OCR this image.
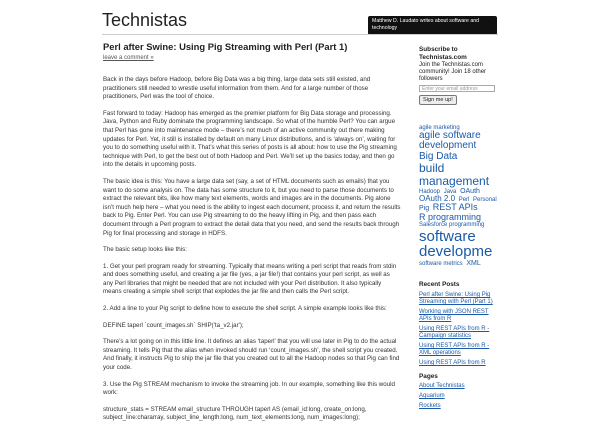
Technistas	Matthew D. Laudato writes about software and technology
Perl after Swine: Using Pig Streaming with Perl (Part 1)
leave a comment »

Back in the days before Hadoop, before Big Data was a big thing, large data sets still existed, and practitioners still needed to wrestle useful information from them. And for a large number of those practitioners, Perl was the tool of choice.

Fast forward to today: Hadoop has emerged as the premier platform for Big Data storage and processing. Java, Python and Ruby dominate the programming landscape. So what of the humble Perl? You can argue that Perl has gone into maintenance mode – there’s not much of an active community out there making updates for Perl. Yet, it still is installed by default on many Linux distributions, and is ‘always on’, waiting for you to do something useful with it. That’s what this series of posts is all about: how to use the Pig streaming technique with Perl, to get the best out of both Hadoop and Perl. We’ll set up the basics today, and then go into the details in upcoming posts.

The basic idea is this: You have a large data set (say, a set of HTML documents such as emails) that you want to do some analysis on. The data has some structure to it, but you need to parse those documents to extract the relevant bits, like how many text elements, words and images are in the documents. Pig alone isn’t much help here – what you need is the ability to ingest each document, process it, and return the results back to Pig. Enter Perl. You can use Pig streaming to do the heavy lifting in Pig, and then pass each document through a Perl program to extract the detail data that you need, and send the results back through Pig for final processing and storage in HDFS.

The basic setup looks like this:

1. Get your perl program ready for streaming. Typically that means writing a perl script that reads from stdin and does something useful, and creating a jar file (yes, a jar file!) that contains your perl script, as well as any Perl libraries that might be needed that are not included with your Perl distribution. It also typically means creating a simple shell script that explodes the jar file and then calls the Perl script.

2. Add a line to your Pig script to define how to execute the shell script. A simple example looks like this:

DEFINE taperl `count_images.sh` SHIP('ta_v2.jar');

There’s a lot going on in this little line. It defines an alias ‘taperl’ that you will use later in Pig to do the actual streaming. It tells Pig that the alias when invoked should run ‘count_images.sh’, the shell script you created. And finally, it instructs Pig to ship the jar file that you created out to all the Hadoop nodes so that Pig can find your code.

3. Use the Pig STREAM mechanism to invoke the streaming job. In our example, something like this would work:

structure_stats = STREAM email_structure THROUGH taperl AS (email_id:long, create_on:long, subject_line:chararray, subject_line_length:long, num_text_elements:long, num_images:long);

Subscribe to Technistas.com
Join the Technistas.com community! Join 18 other followers
Enter your email address
Sign me up!
agile marketing agile software development Big Data build management Hadoop Java OAuth OAuth 2.0 Perl Personal Pig REST APIs R programming Salesforce programming software developme software metrics XML
Recent Posts
Perl after Swine: Using Pig Streaming with Perl (Part 1)
Working with JSON REST APIs from R
Using REST APIs from R - Campaign statistics
Using REST APIs from R - XML operations
Using REST APIs from R
Pages
About Technistas
Aquarium
Rockets
